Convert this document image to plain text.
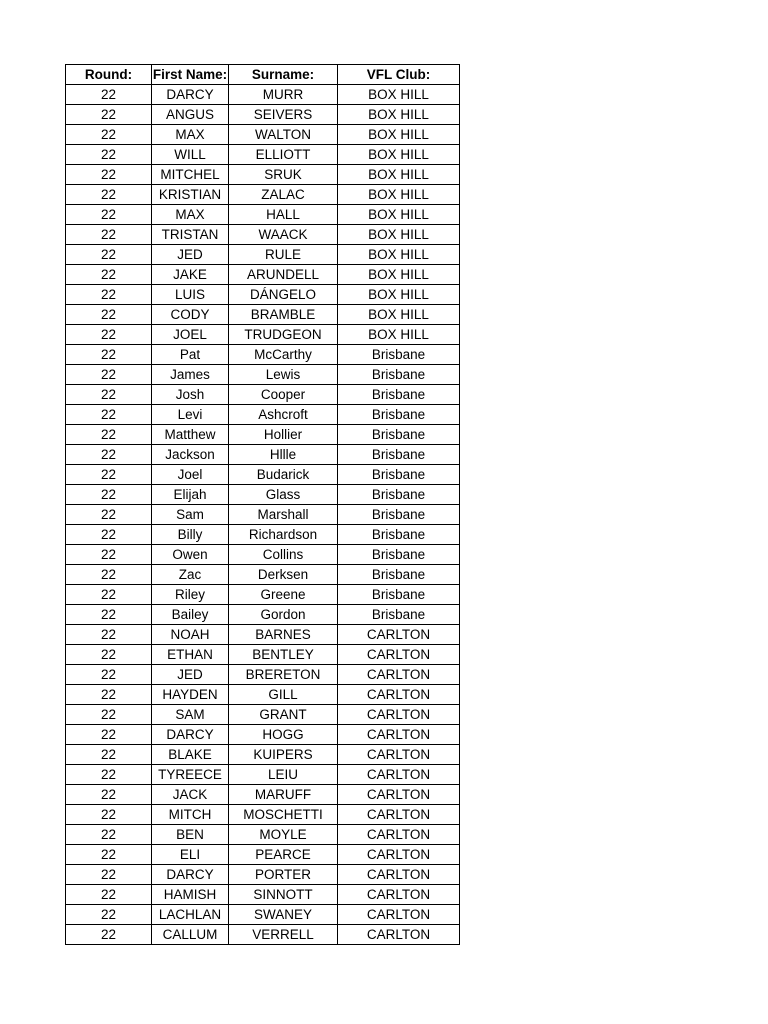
Round:	First Name:	Surname:	VFL Club:
22	DARCY	MURR	BOX HILL
22	ANGUS	SEIVERS	BOX HILL
22	MAX	WALTON	BOX HILL
22	WILL	ELLIOTT	BOX HILL
22	MITCHEL	SRUK	BOX HILL
22	KRISTIAN	ZALAC	BOX HILL
22	MAX	HALL	BOX HILL
22	TRISTAN	WAACK	BOX HILL
22	JED	RULE	BOX HILL
22	JAKE	ARUNDELL	BOX HILL
22	LUIS	DÁNGELO	BOX HILL
22	CODY	BRAMBLE	BOX HILL
22	JOEL	TRUDGEON	BOX HILL
22	Pat	McCarthy	Brisbane
22	James	Lewis	Brisbane
22	Josh	Cooper	Brisbane
22	Levi	Ashcroft	Brisbane
22	Matthew	Hollier	Brisbane
22	Jackson	Hllle	Brisbane
22	Joel	Budarick	Brisbane
22	Elijah	Glass	Brisbane
22	Sam	Marshall	Brisbane
22	Billy	Richardson	Brisbane
22	Owen	Collins	Brisbane
22	Zac	Derksen	Brisbane
22	Riley	Greene	Brisbane
22	Bailey	Gordon	Brisbane
22	NOAH	BARNES	CARLTON
22	ETHAN	BENTLEY	CARLTON
22	JED	BRERETON	CARLTON
22	HAYDEN	GILL	CARLTON
22	SAM	GRANT	CARLTON
22	DARCY	HOGG	CARLTON
22	BLAKE	KUIPERS	CARLTON
22	TYREECE	LEIU	CARLTON
22	JACK	MARUFF	CARLTON
22	MITCH	MOSCHETTI	CARLTON
22	BEN	MOYLE	CARLTON
22	ELI	PEARCE	CARLTON
22	DARCY	PORTER	CARLTON
22	HAMISH	SINNOTT	CARLTON
22	LACHLAN	SWANEY	CARLTON
22	CALLUM	VERRELL	CARLTON
